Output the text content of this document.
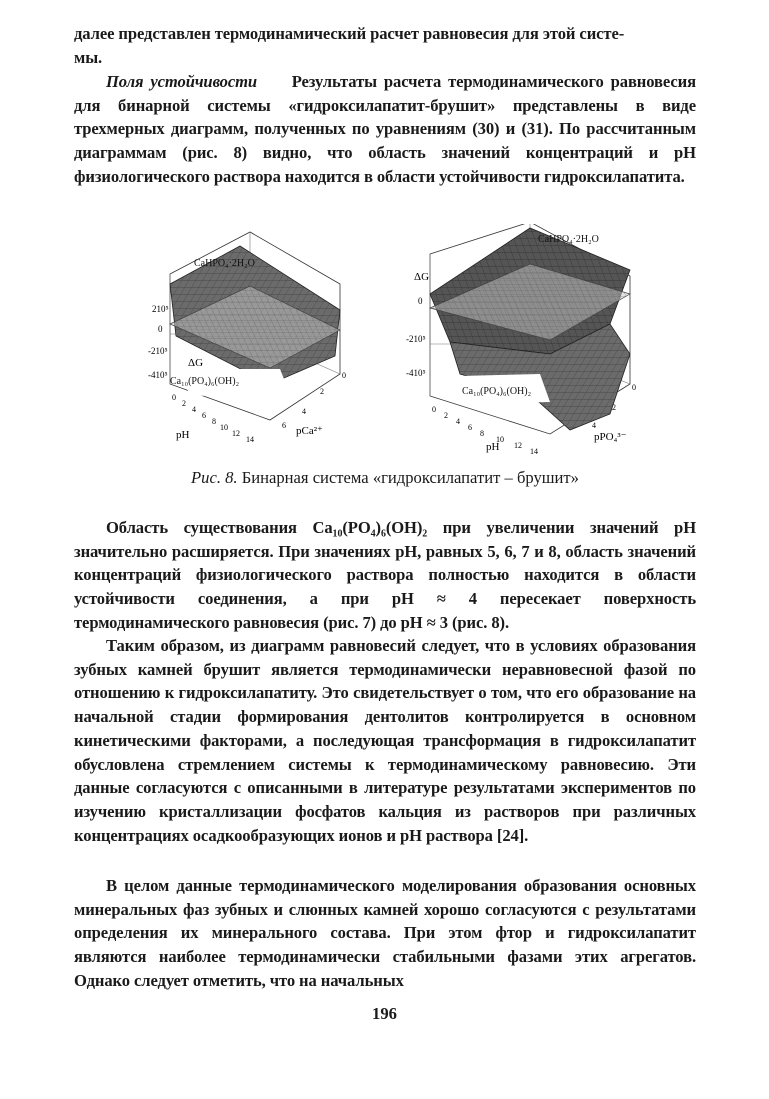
далее представлен термодинамический расчет равновесия для этой систе-
мы.

Поля устойчивости Результаты расчета термодинамического равновесия для бинарной системы «гидроксилапатит-брушит» представлены в виде трехмерных диаграмм, полученных по уравнениям (30) и (31). По рассчитанным диаграммам (рис. 8) видно, что область значений концентраций и pH физиологического раствора находится в области устойчивости гидроксилапатита.

ΔG
210⁵
0
-210⁵
-410⁵
CaHPO₄·2H₂O
Ca₁₀(PO₄)₆(OH)₂
pH
0
2
4
6
8
10
12
14
pCa²⁺
0
2
4
6
CaHPO₄·2H₂O
ΔG
0
-210⁵
-410⁵
Ca₁₀(PO₄)₆(OH)₂
pH
0
2
4
6
8
10
12
14
pPO₄³⁻
0
2
4
Рис. 8. Бинарная система «гидроксилапатит – брушит»

Область существования Ca₁₀(PO₄)₆(OH)₂ при увеличении значений pH значительно расширяется. При значениях pH, равных 5, 6, 7 и 8, область значений концентраций физиологического раствора полностью находится в области устойчивости соединения, а при pH ≈ 4 пересекает поверхность термодинамического равновесия (рис. 7) до pH ≈ 3 (рис. 8).

Таким образом, из диаграмм равновесий следует, что в условиях образования зубных камней брушит является термодинамически неравновесной фазой по отношению к гидроксилапатиту. Это свидетельствует о том, что его образование на начальной стадии формирования дентолитов контролируется в основном кинетическими факторами, а последующая трансформация в гидроксилапатит обусловлена стремлением системы к термодинамическому равновесию. Эти данные согласуются с описанными в литературе результатами экспериментов по изучению кристаллизации фосфатов кальция из растворов при различных концентрациях осадкообразующих ионов и pH раствора [24].

В целом данные термодинамического моделирования образования основных минеральных фаз зубных и слюнных камней хорошо согласуются с результатами определения их минерального состава. При этом фтор и гидроксилапатит являются наиболее термодинамически стабильными фазами этих агрегатов. Однако следует отметить, что на начальных

196
